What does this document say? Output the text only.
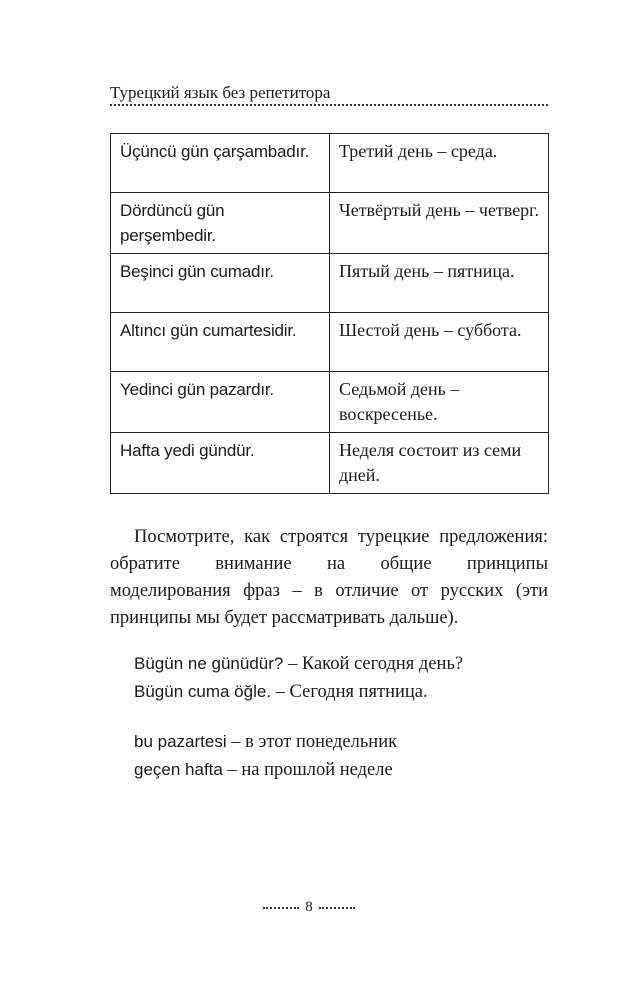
Турецкий язык без репетитора
Üçüncü gün çarşambadır.	Третий день – среда.
Dördüncü gün perşembedir.	Четвёртый день – четверг.
Beşinci gün cumadır.	Пятый день – пятница.
Altıncı gün cumartesidir.	Шестой день – суббота.
Yedinci gün pazardır.	Седьмой день – воскресенье.
Hafta yedi gündür.	Неделя состоит из семи дней.

Посмотрите, как строятся турецкие предложения: обратите внимание на общие принципы моделирования фраз – в отличие от русских (эти принципы мы будет рассматривать дальше).

Bügün ne günüdür? – Какой сегодня день?
Bügün cuma öğle. – Сегодня пятница.
bu pazartesi – в этот понедельник
geçen hafta – на прошлой неделе
8
